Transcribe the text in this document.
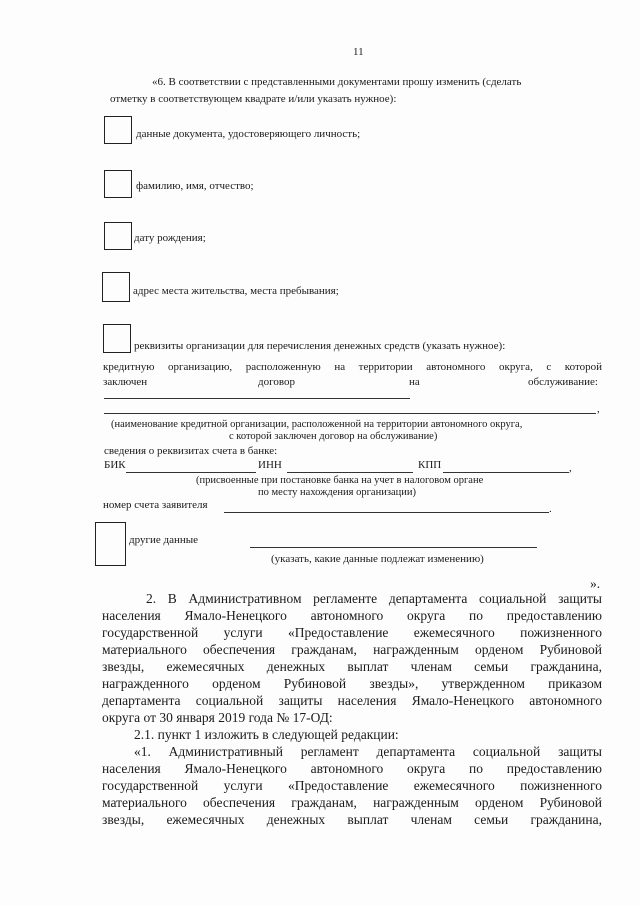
11
«6. В соответствии с представленными документами прошу изменить (сделать
отметку в соответствующем квадрате и/или указать нужное):
данные документа, удостоверяющего личность;
фамилию, имя, отчество;
дату рождения;
адрес места жительства, места пребывания;
реквизиты организации для перечисления денежных средств (указать нужное):
кредитную организацию, расположенную на территории автономного округа, с которой
заключен	договор	на	обслуживание:
,
(наименование кредитной организации, расположенной на территории автономного округа,
с которой заключен договор на обслуживание)
сведения о реквизитах счета в банке:
БИК	ИНН	КПП	,
(присвоенные при постановке банка на учет в налоговом органе
по месту нахождения организации)
номер счета заявителя	.
другие данные
(указать, какие данные подлежат изменению)
».
2. В Административном регламенте департамента социальной защиты
населения Ямало-Ненецкого автономного округа по предоставлению
государственной услуги «Предоставление ежемесячного пожизненного
материального обеспечения гражданам, награжденным орденом Рубиновой
звезды, ежемесячных денежных выплат членам семьи гражданина,
награжденного орденом Рубиновой звезды», утвержденном приказом
департамента социальной защиты населения Ямало-Ненецкого автономного
округа от 30 января 2019 года № 17-ОД:
2.1. пункт 1 изложить в следующей редакции:
«1. Административный регламент департамента социальной защиты
населения Ямало-Ненецкого автономного округа по предоставлению
государственной услуги «Предоставление ежемесячного пожизненного
материального обеспечения гражданам, награжденным орденом Рубиновой
звезды, ежемесячных денежных выплат членам семьи гражданина,
